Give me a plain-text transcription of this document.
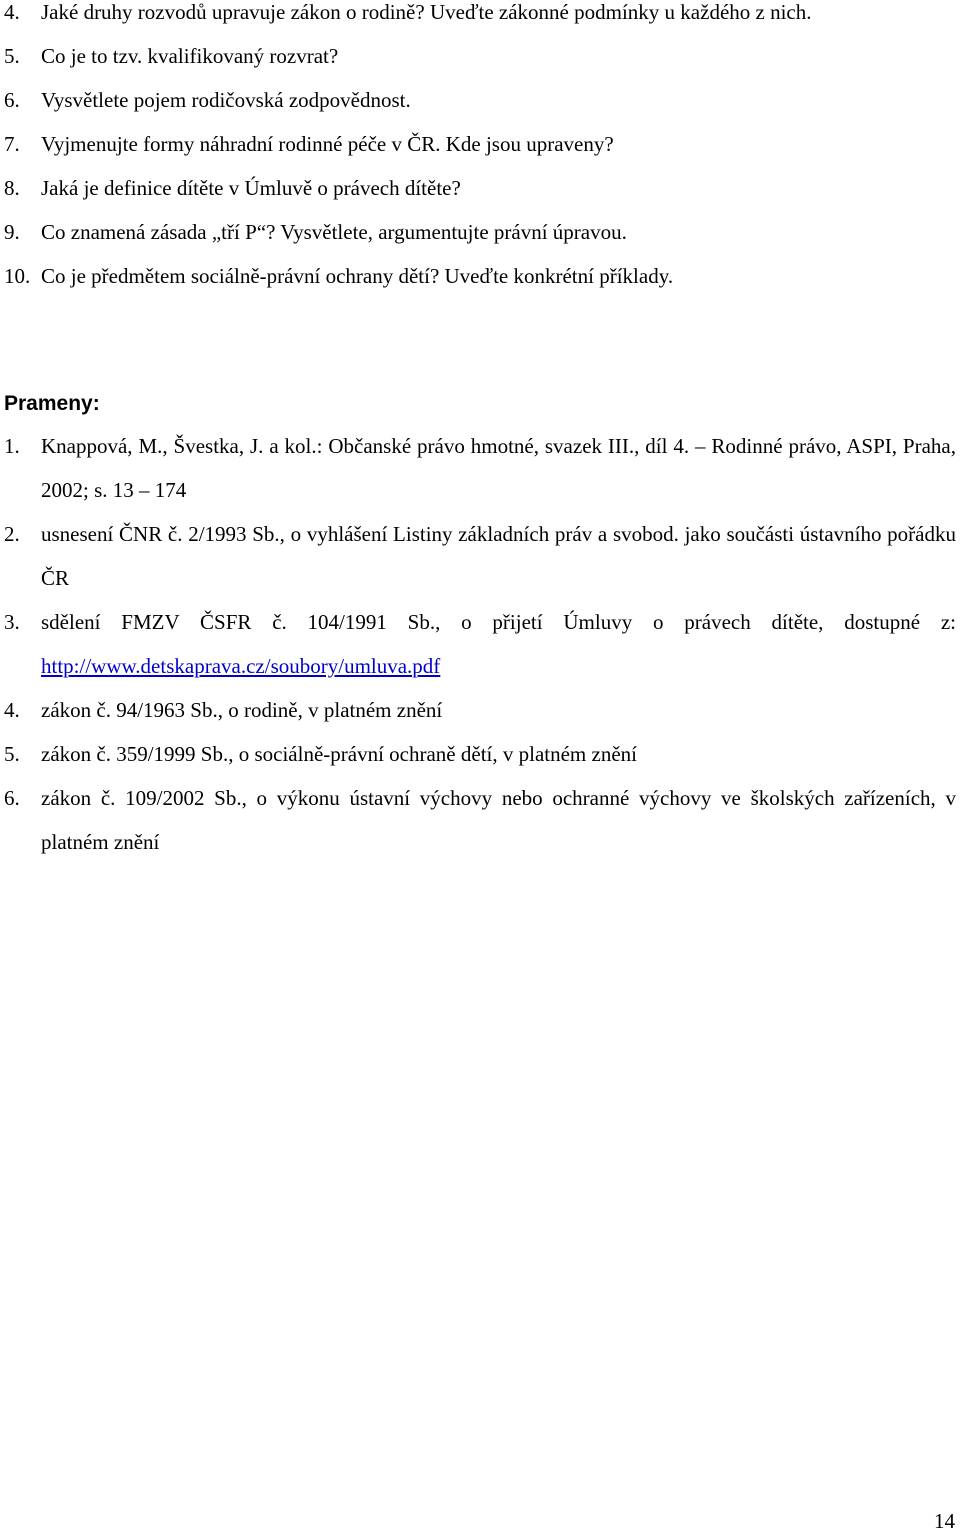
4. Jaké druhy rozvodů upravuje zákon o rodině? Uveďte zákonné podmínky u každého z nich.
5. Co je to tzv. kvalifikovaný rozvrat?
6. Vysvětlete pojem rodičovská zodpovědnost.
7. Vyjmenujte formy náhradní rodinné péče v ČR. Kde jsou upraveny?
8. Jaká je definice dítěte v Úmluvě o právech dítěte?
9. Co znamená zásada „tří P“? Vysvětlete, argumentujte právní úpravou.
10. Co je předmětem sociálně-právní ochrany dětí? Uveďte konkrétní příklady.
Prameny:
1. Knappová, M., Švestka, J. a kol.: Občanské právo hmotné, svazek III., díl 4. – Rodinné právo, ASPI, Praha, 2002; s. 13 – 174
2. usnesení ČNR č. 2/1993 Sb., o vyhlášení Listiny základních práv a svobod. jako součásti ústavního pořádku ČR
3. sdělení FMZV ČSFR č. 104/1991 Sb., o přijetí Úmluvy o právech dítěte, dostupné z: http://www.detskaprava.cz/soubory/umluva.pdf
4. zákon č. 94/1963 Sb., o rodině, v platném znění
5. zákon č. 359/1999 Sb., o sociálně-právní ochraně dětí, v platném znění
6. zákon č. 109/2002 Sb., o výkonu ústavní výchovy nebo ochranné výchovy ve školských zařízeních, v platném znění
14
